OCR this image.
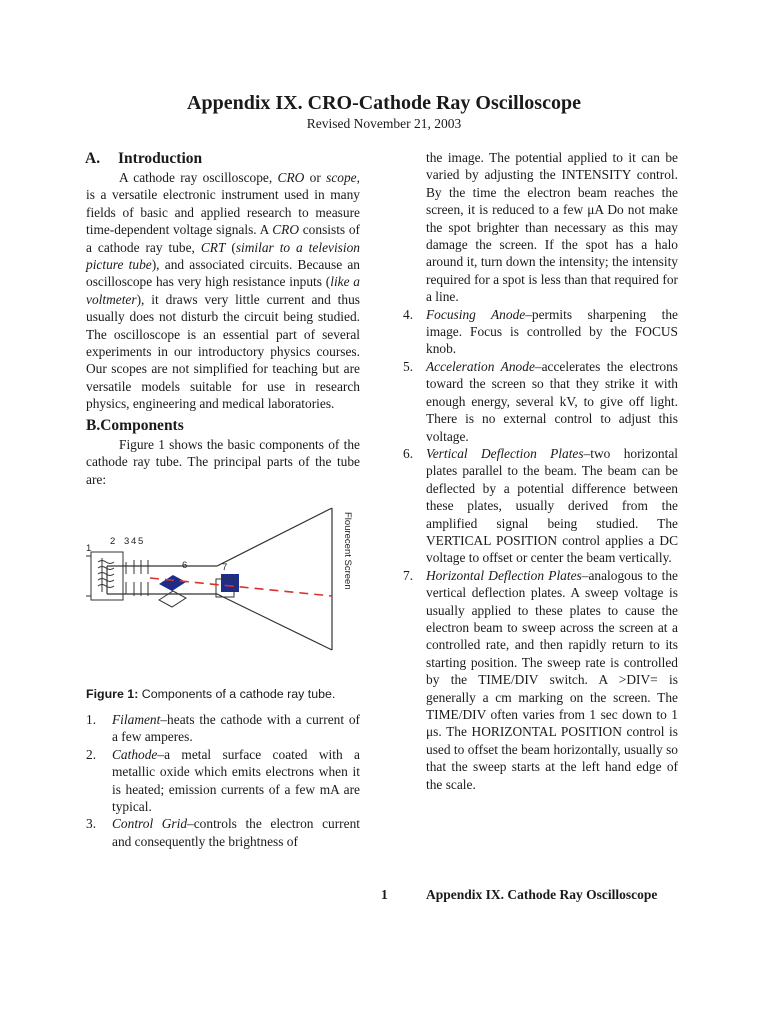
Appendix IX. CRO-Cathode Ray Oscilloscope
Revised November 21, 2003
A. Introduction

A cathode ray oscilloscope, CRO or scope, is a versatile electronic instrument used in many fields of basic and applied research to measure time-dependent voltage signals. A CRO consists of a cathode ray tube, CRT (similar to a television picture tube), and associated circuits. Because an oscilloscope has very high resistance inputs (like a voltmeter), it draws very little current and thus usually does not disturb the circuit being studied. The oscilloscope is an essential part of several experiments in our introductory physics courses. Our scopes are not simplified for teaching but are versatile models suitable for use in research physics, engineering and medical laboratories.

B.Components

Figure 1 shows the basic components of the cathode ray tube. The principal parts of the tube are:

1
2 3 4 5
6	7	Flourecent Screen
Figure 1: Components of a cathode ray tube.
1. Filament–heats the cathode with a current of a few amperes.
2. Cathode–a metal surface coated with a metallic oxide which emits electrons when it is heated; emission currents of a few mA are typical.
3. Control Grid–controls the electron current and consequently the brightness of

the image. The potential applied to it can be varied by adjusting the INTENSITY control. By the time the electron beam reaches the screen, it is reduced to a few μA Do not make the spot brighter than necessary as this may damage the screen. If the spot has a halo around it, turn down the intensity; the intensity required for a spot is less than that required for a line.

4. Focusing Anode–permits sharpening the image. Focus is controlled by the FOCUS knob.
5. Acceleration Anode–accelerates the electrons toward the screen so that they strike it with enough energy, several kV, to give off light. There is no external control to adjust this voltage.
6. Vertical Deflection Plates–two horizontal plates parallel to the beam. The beam can be deflected by a potential difference between these plates, usually derived from the amplified signal being studied. The VERTICAL POSITION control applies a DC voltage to offset or center the beam vertically.
7. Horizontal Deflection Plates–analogous to the vertical deflection plates. A sweep voltage is usually applied to these plates to cause the electron beam to sweep across the screen at a controlled rate, and then rapidly return to its starting position. The sweep rate is controlled by the TIME/DIV switch. A >DIV= is generally a cm marking on the screen. The TIME/DIV often varies from 1 sec down to 1 μs. The HORIZONTAL POSITION control is used to offset the beam horizontally, usually so that the sweep starts at the left hand edge of the scale.
1	Appendix IX. Cathode Ray Oscilloscope
